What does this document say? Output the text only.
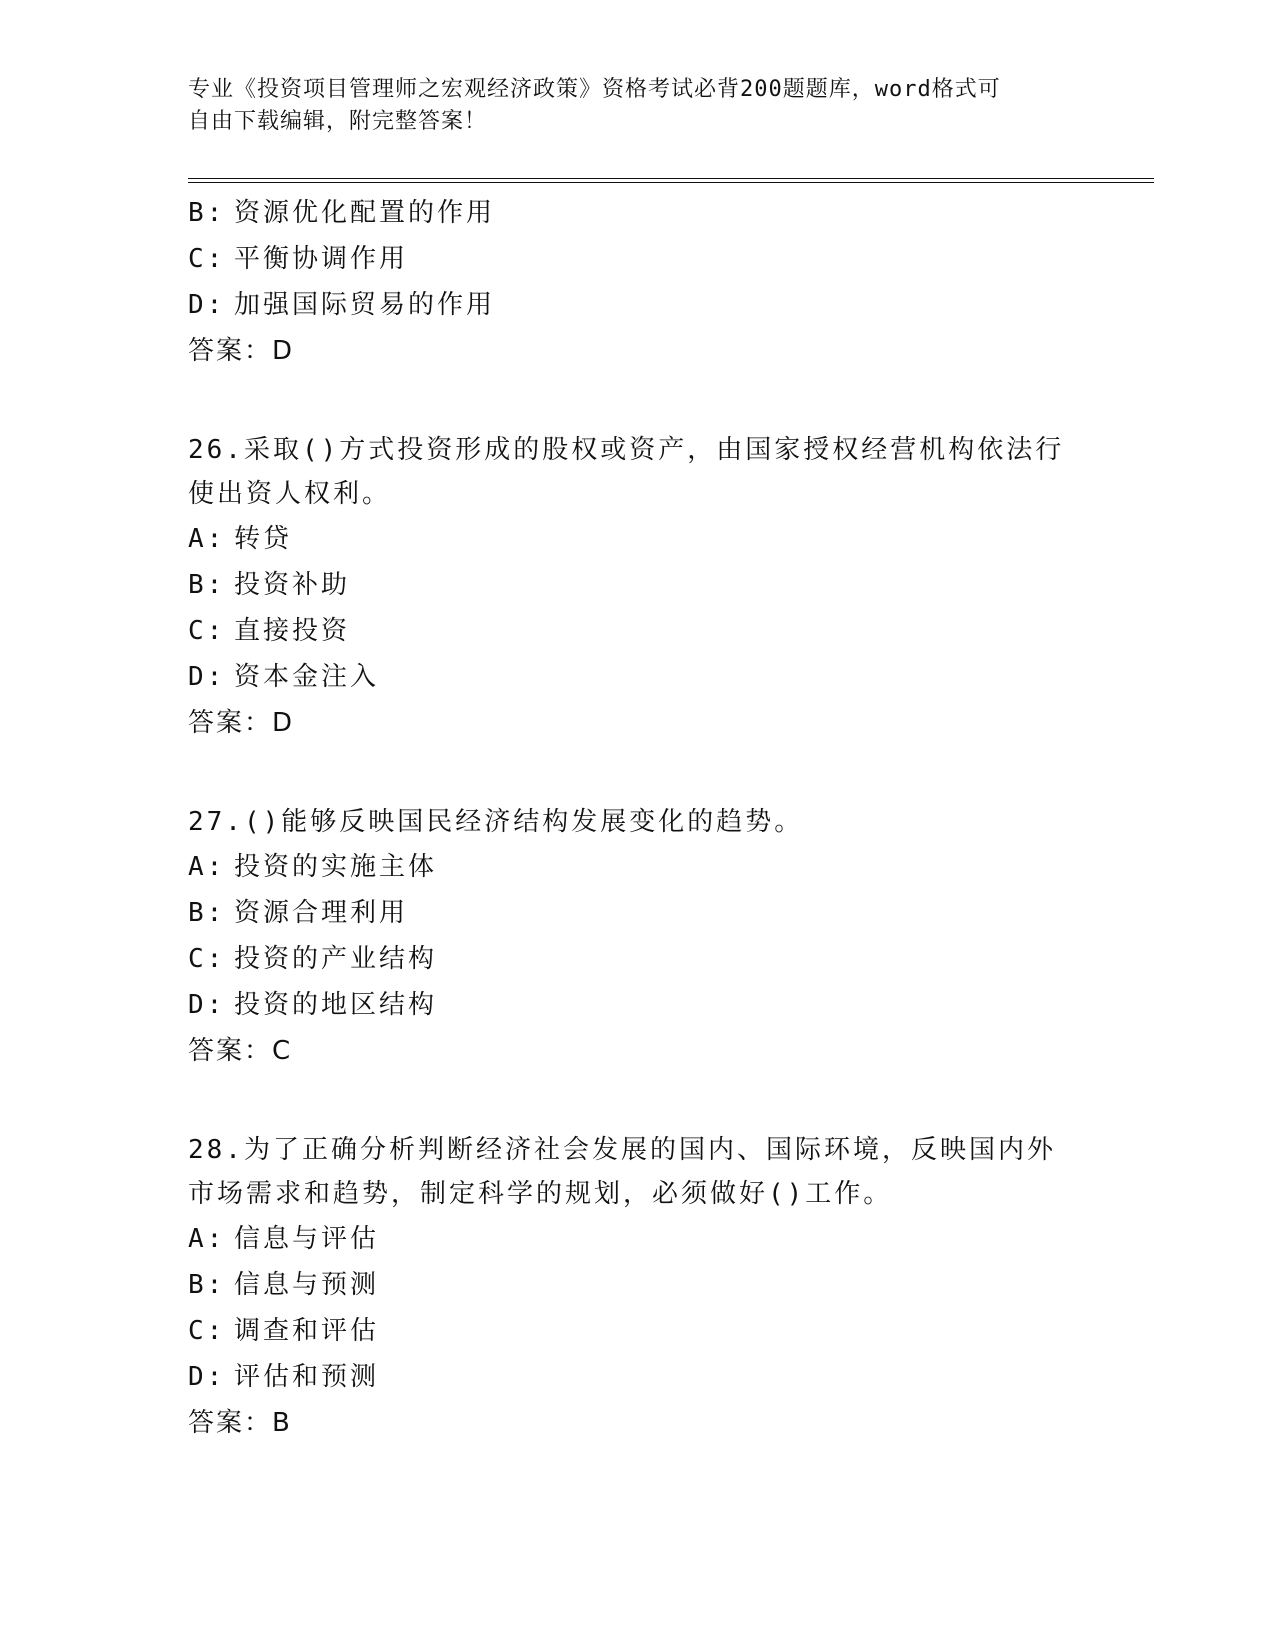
专业《投资项目管理师之宏观经济政策》资格考试必背200题题库，word格式可
自由下载编辑，附完整答案！
B: 资源优化配置的作用
C: 平衡协调作用
D: 加强国际贸易的作用
答案：D
26.采取()方式投资形成的股权或资产，由国家授权经营机构依法行使出资人权利。
A: 转贷
B: 投资补助
C: 直接投资
D: 资本金注入
答案：D
27.()能够反映国民经济结构发展变化的趋势。
A: 投资的实施主体
B: 资源合理利用
C: 投资的产业结构
D: 投资的地区结构
答案：C
28.为了正确分析判断经济社会发展的国内、国际环境，反映国内外市场需求和趋势，制定科学的规划，必须做好()工作。
A: 信息与评估
B: 信息与预测
C: 调查和评估
D: 评估和预测
答案：B
